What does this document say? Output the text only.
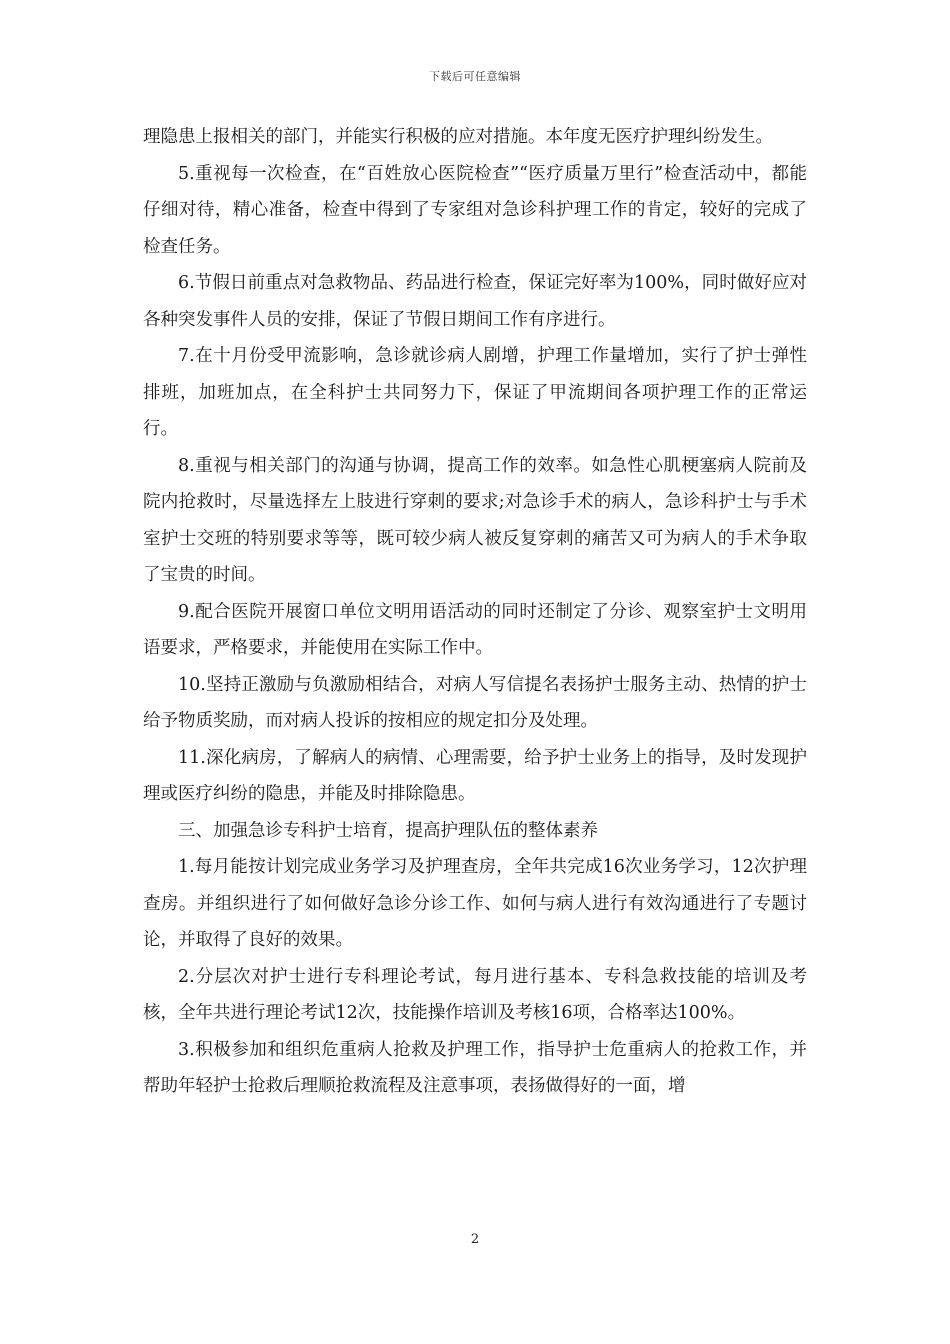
下载后可任意编辑

理隐患上报相关的部门，并能实行积极的应对措施。本年度无医疗护理纠纷发生。

5.重视每一次检查，在“百姓放心医院检查”“医疗质量万里行”检查活动中，都能仔细对待，精心准备，检查中得到了专家组对急诊科护理工作的肯定，较好的完成了检查任务。

6.节假日前重点对急救物品、药品进行检查，保证完好率为100%，同时做好应对各种突发事件人员的安排，保证了节假日期间工作有序进行。

7.在十月份受甲流影响，急诊就诊病人剧增，护理工作量增加，实行了护士弹性排班，加班加点，在全科护士共同努力下，保证了甲流期间各项护理工作的正常运行。

8.重视与相关部门的沟通与协调，提高工作的效率。如急性心肌梗塞病人院前及院内抢救时，尽量选择左上肢进行穿刺的要求;对急诊手术的病人，急诊科护士与手术室护士交班的特别要求等等，既可较少病人被反复穿刺的痛苦又可为病人的手术争取了宝贵的时间。

9.配合医院开展窗口单位文明用语活动的同时还制定了分诊、观察室护士文明用语要求，严格要求，并能使用在实际工作中。

10.坚持正激励与负激励相结合，对病人写信提名表扬护士服务主动、热情的护士给予物质奖励，而对病人投诉的按相应的规定扣分及处理。

11.深化病房，了解病人的病情、心理需要，给予护士业务上的指导，及时发现护理或医疗纠纷的隐患，并能及时排除隐患。

三、加强急诊专科护士培育，提高护理队伍的整体素养

1.每月能按计划完成业务学习及护理查房，全年共完成16次业务学习，12次护理查房。并组织进行了如何做好急诊分诊工作、如何与病人进行有效沟通进行了专题讨论，并取得了良好的效果。

2.分层次对护士进行专科理论考试，每月进行基本、专科急救技能的培训及考核，全年共进行理论考试12次，技能操作培训及考核16项，合格率达100%。

3.积极参加和组织危重病人抢救及护理工作，指导护士危重病人的抢救工作，并帮助年轻护士抢救后理顺抢救流程及注意事项，表扬做得好的一面，增

2
